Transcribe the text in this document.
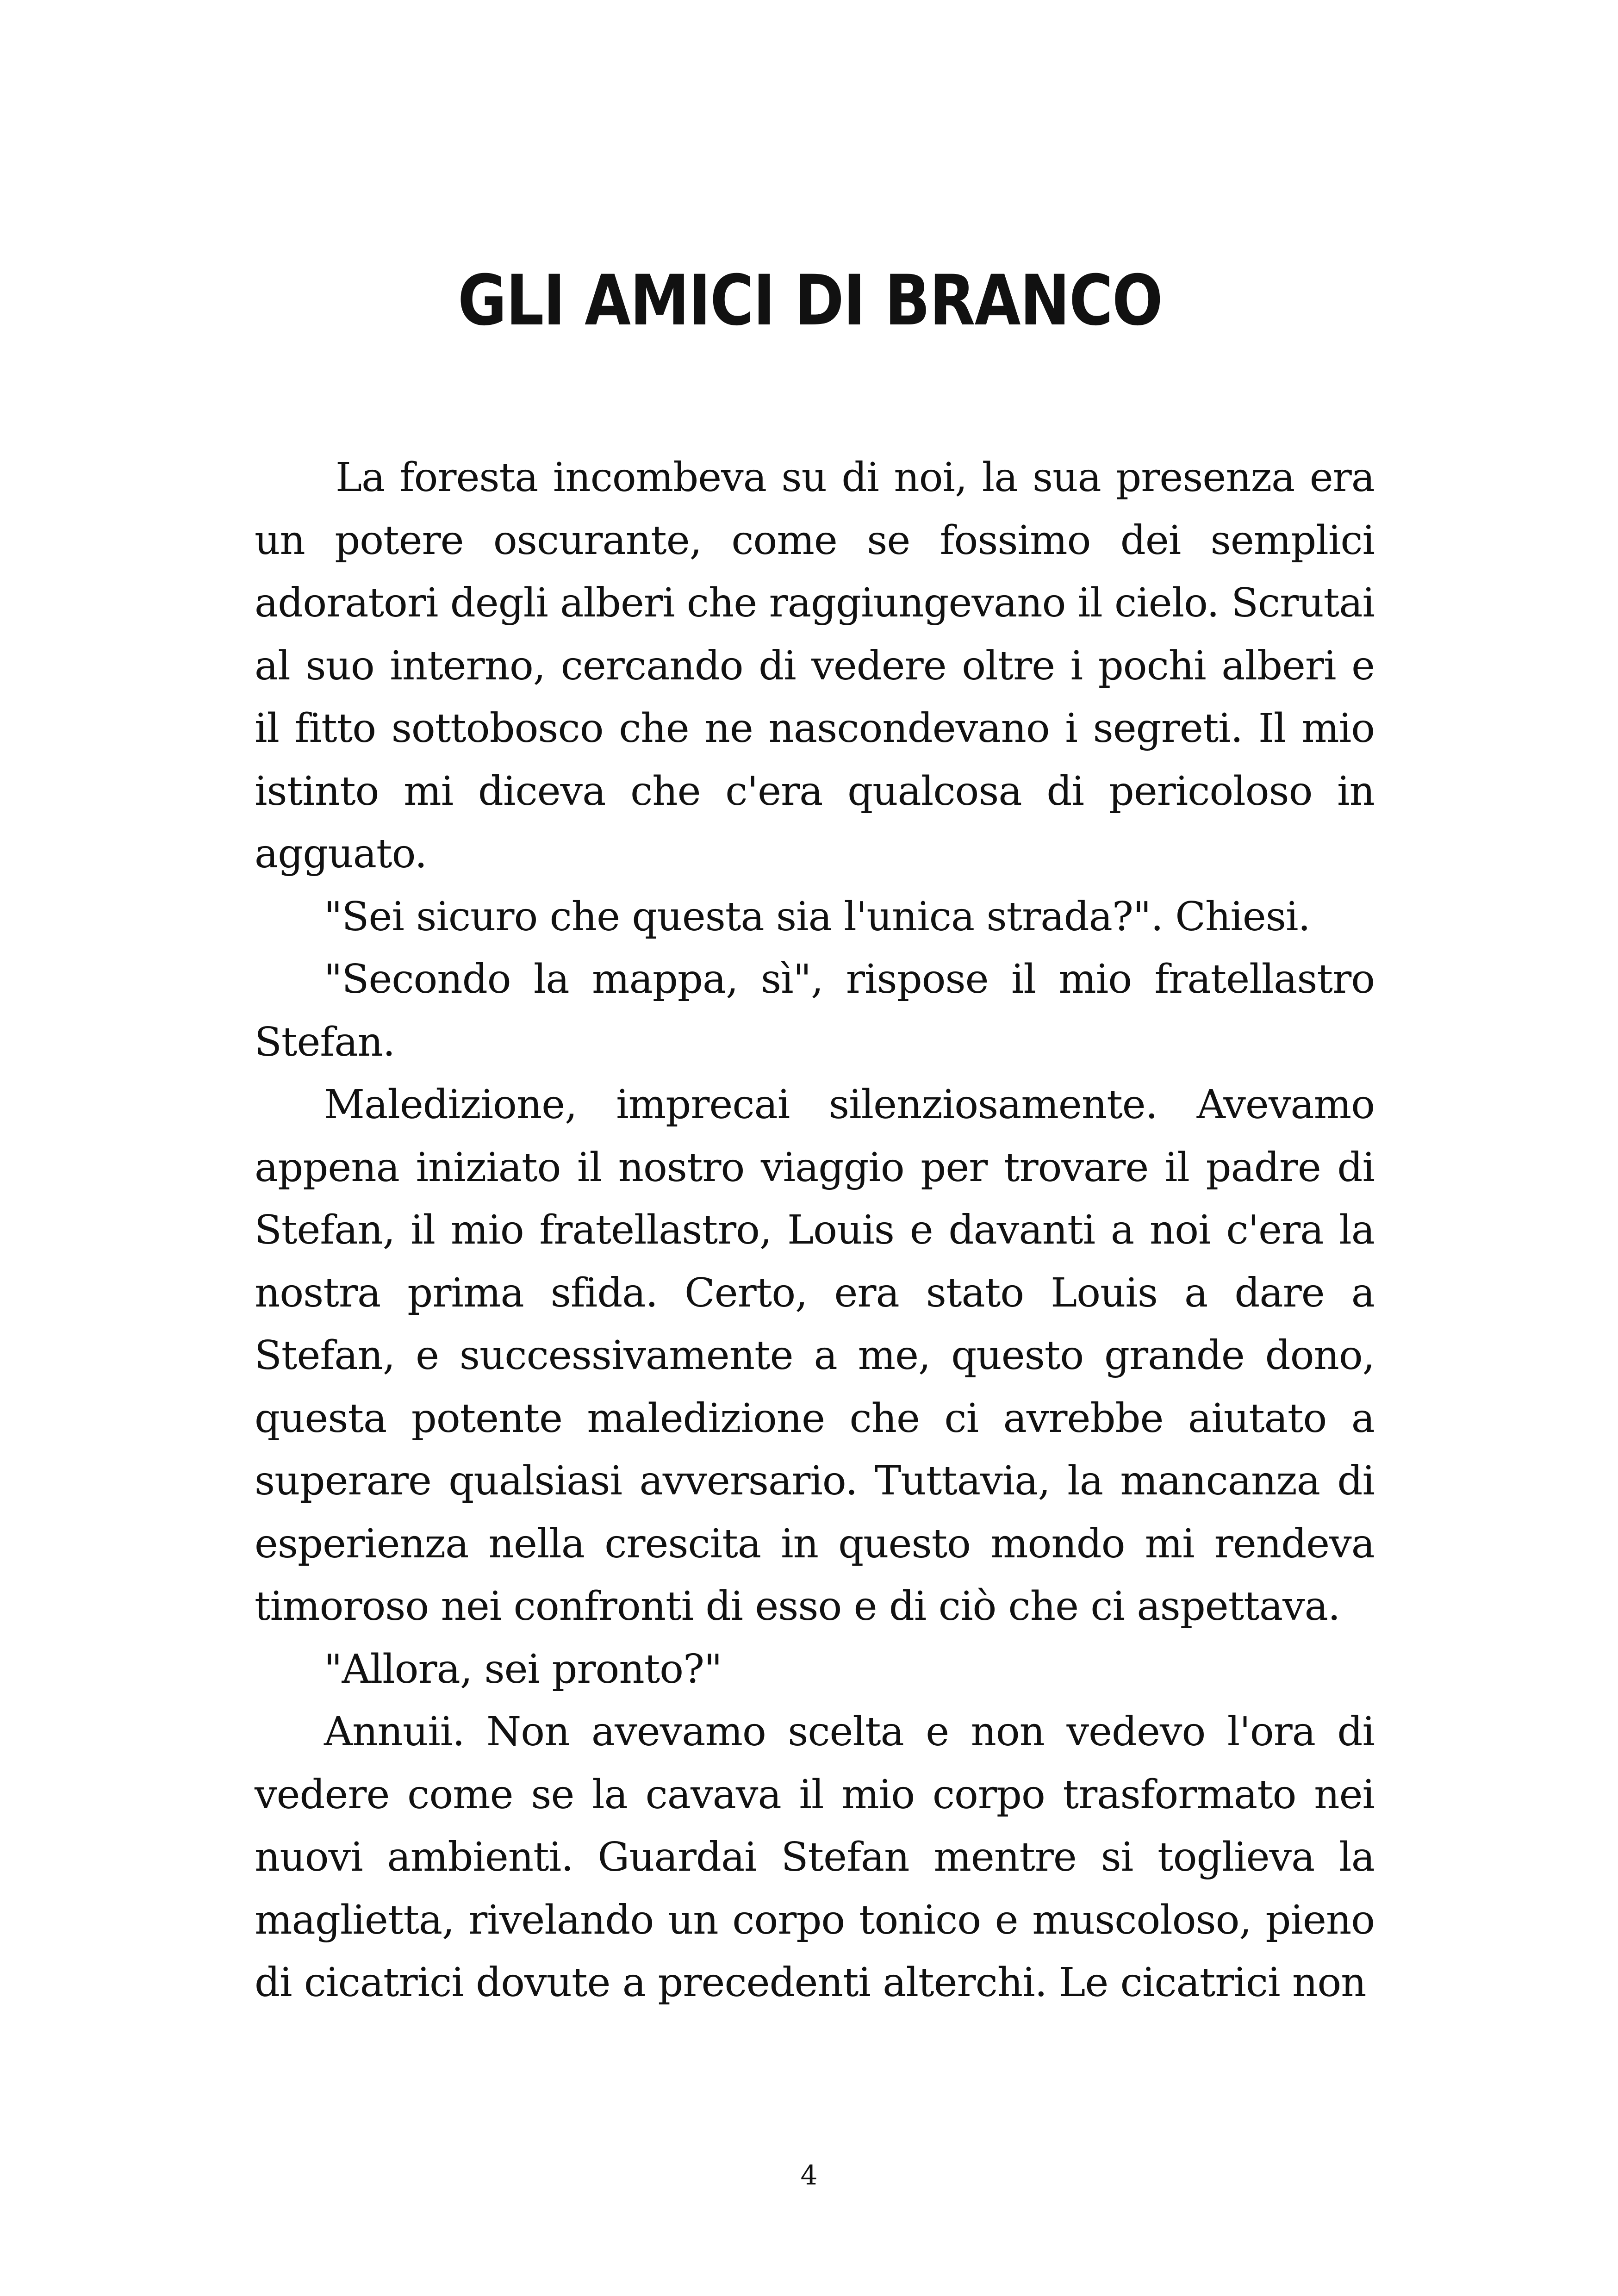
GLI AMICI DI BRANCO

La foresta incombeva su di noi, la sua presenza era un potere oscurante, come se fossimo dei semplici adoratori degli alberi che raggiungevano il cielo. Scrutai al suo interno, cercando di vedere oltre i pochi alberi e il fitto sottobosco che ne nascondevano i segreti. Il mio istinto mi diceva che c'era qualcosa di pericoloso in agguato.

"Sei sicuro che questa sia l'unica strada?". Chiesi.

"Secondo la mappa, sì", rispose il mio fratellastro Stefan.

Maledizione, imprecai silenziosamente. Avevamo appena iniziato il nostro viaggio per trovare il padre di Stefan, il mio fratellastro, Louis e davanti a noi c'era la nostra prima sfida. Certo, era stato Louis a dare a Stefan, e successivamente a me, questo grande dono, questa potente maledizione che ci avrebbe aiutato a superare qualsiasi avversario. Tuttavia, la mancanza di esperienza nella crescita in questo mondo mi rendeva timoroso nei confronti di esso e di ciò che ci aspettava.

"Allora, sei pronto?"

Annuii. Non avevamo scelta e non vedevo l'ora di vedere come se la cavava il mio corpo trasformato nei nuovi ambienti. Guardai Stefan mentre si toglieva la maglietta, rivelando un corpo tonico e muscoloso, pieno di cicatrici dovute a precedenti alterchi. Le cicatrici non

4
